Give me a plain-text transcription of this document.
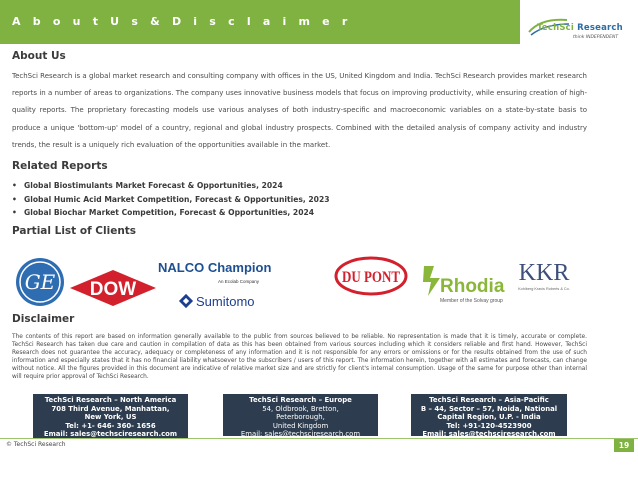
A b o u t U s & D i s c l a i m e r	TechSci Research
think INDEPENDENT
About Us
TechSci Research is a global market research and consulting company with offices in the US, United Kingdom and India. TechSci Research provides market research reports in a number of areas to organizations. The company uses innovative business models that focus on improving productivity, while ensuring creation of high-quality reports. The proprietary forecasting models use various analyses of both industry-specific and macroeconomic variables on a state-by-state basis to produce a unique 'bottom-up' model of a country, regional and global industry prospects. Combined with the detailed analysis of company activity and industry trends, the result is a uniquely rich evaluation of the opportunities available in the market.
Related Reports
• Global Biostimulants Market Forecast & Opportunities, 2024
• Global Humic Acid Market Competition, Forecast & Opportunities, 2023
• Global Biochar Market Competition, Forecast & Opportunities, 2024
Partial List of Clients
GE
NALCO Champion
An Ecolab Company
DOW
Sumitomo
DU PONT Rhodia
Member of the Solvay group
KKR
Kohlberg Kravis Roberts & Co.
Disclaimer
The contents of this report are based on information generally available to the public from sources believed to be reliable. No representation is made that it is timely, accurate or complete. TechSci Research has taken due care and caution in compilation of data as this has been obtained from various sources including which it considers reliable and first hand. However, TechSci Research does not guarantee the accuracy, adequacy or completeness of any information and it is not responsible for any errors or omissions or for the results obtained from the use of such information and especially states that it has no financial liability whatsoever to the subscribers / users of this report. The information herein, together with all estimates and forecasts, can change without notice. All the figures provided in this document are indicative of relative market size and are strictly for client's internal consumption. Usage of the same for purpose other than internal will require prior approval of TechSci Research.
TechSci Research – North America
708 Third Avenue, Manhattan,
New York, US
Tel: +1- 646- 360- 1656
Email: sales@techsciresearch.com
www.techsciresearch.com
TechSci Research – Europe
54, Oldbrook, Bretton,
Peterborough,
United Kingdom
Email: sales@techsciresearch.com
www.techsciresearch.com
TechSci Research – Asia-Pacific
B – 44, Sector – 57, Noida, National
Capital Region, U.P. - India
Tel: +91-120-4523900
Email: sales@techsciresearch.com
www.techsciresearch.com
© TechSci Research	19
